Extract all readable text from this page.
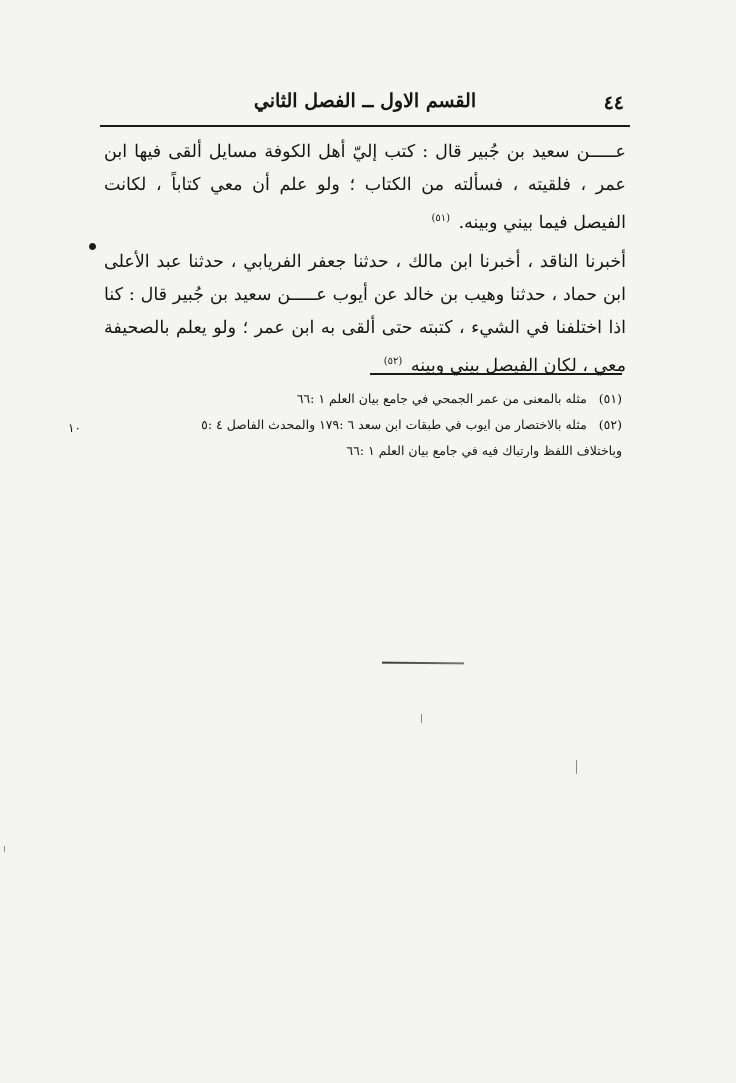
٤٤
القسم الاول ــ الفصل الثاني

عـــــن سعيد بن جُبير قال : كتب إليّ أهل الكوفة مسايل ألقى فيها ابن عمر ، فلقيته ، فسألته من الكتاب ؛ ولو علم أن معي كتاباً ، لكانت الفيصل فيما بيني وبينه. $^{(٥١)}$

أخبرنا الناقد ، أخبرنا ابن مالك ، حدثنا جعفر الفريابي ، حدثنا عبد الأعلى ابن حماد ، حدثنا وهيب بن خالد عن أيوب عـــــن سعيد بن جُبير قال : كنا اذا اختلفنا في الشيء ، كتبته حتى ألقى به ابن عمر ؛ ولو يعلم بالصحيفة معي ، لكان الفيصل بيني وبينه $^{(٥٢)}$

(٥١) مثله بالمعنى من عمر الجمحي في جامع بيان العلم ١ :٦٦

(٥٢) مثله بالاختصار من ايوب في طبقات ابن سعد ٦ :١٧٩ والمحدث الفاصل ٤ :٥

وباختلاف اللفظ وارتباك فيه في جامع بيان العلم ١ :٦٦

١٠
